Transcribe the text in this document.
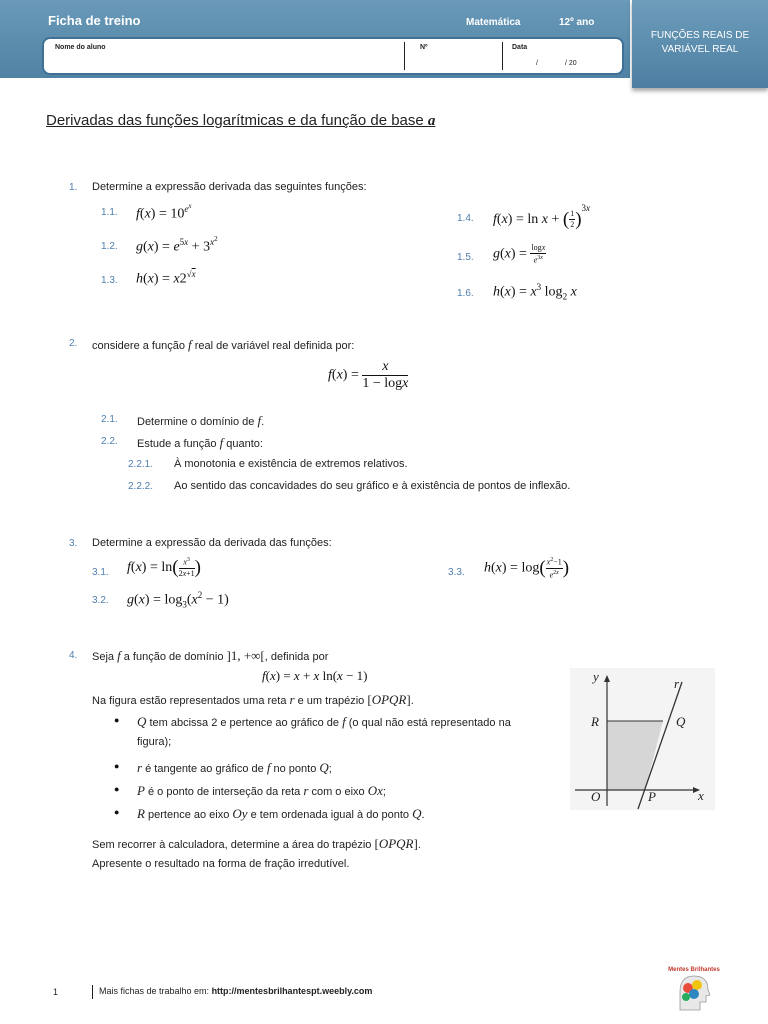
Ficha de treino	Matemática	12º ano
Nome do aluno	Nº	Data
/	/ 20
FUNÇÕES REAIS DE
VARIÁVEL REAL
Derivadas das funções logarítmicas e da função de base a
1. Determine a expressão derivada das seguintes funções:
1.1. $f(x) = 10^{e^x}$
1.2. $g(x) = e^{5x} + 3^{x^2}$
1.3. $h(x) = x2^{√x}$
1.4. f(x) = ln x + ( $\frac{1}{2} )^{3x}$
1.5. $g(x) = \frac{\log x}{e^{3x}}$
1.6. $h(x) = x^3$ $\log_2 x$
2. considere a função f real de variável real definida por:
$f(x) = \frac{x}{1 - \log x}$
2.1. Determine o domínio de f.
2.2. Estude a função f quanto:
2.2.1. À monotonia e existência de extremos relativos.
2.2.2. Ao sentido das concavidades do seu gráfico e à existência de pontos de inflexão.
3. Determine a expressão da derivada das funções:
3.1. $f(x) = \ln( \frac{x^3}{2x+1}$ )
3.2. $g(x) = \log_3(x^2 - 1)$
3.3. $h(x) = \log( \frac{x^2-1}{e^{2x}}$ )
4. Seja f a função de domínio ]1, +∞[, definida por
f(x) = x + x ln(x − 1)
Na figura estão representados uma reta r e um trapézio [OPQR].
● Q tem abcissa 2 e pertence ao gráfico de f (o qual não está representado na
figura);
● r é tangente ao gráfico de f no ponto Q;
● P é o ponto de interseção da reta r com o eixo Ox;
● R pertence ao eixo Oy e tem ordenada igual à do ponto Q.
Sem recorrer à calculadora, determine a área do trapézio [OPQR].
Apresente o resultado na forma de fração irredutível.
y
x
O
r
R	Q
P
1	Mais fichas de trabalho em: http://mentesbrilhantespt.weebly.com
Mentes Brilhantes
